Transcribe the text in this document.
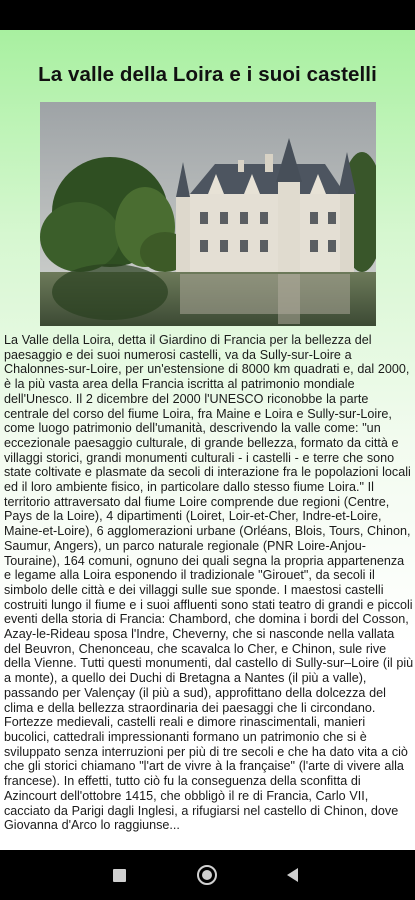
La valle della Loira e i suoi castelli

La Valle della Loira, detta il Giardino di Francia per la bellezza del paesaggio e dei suoi numerosi castelli, va da Sully-sur-Loire a Chalonnes-sur-Loire, per un'estensione di 8000 km quadrati e, dal 2000, è la più vasta area della Francia iscritta al patrimonio mondiale dell'Unesco. Il 2 dicembre del 2000 l'UNESCO riconobbe la parte centrale del corso del fiume Loira, fra Maine e Loira e Sully-sur-Loire, come luogo patrimonio dell'umanità, descrivendo la valle come: "un eccezionale paesaggio culturale, di grande bellezza, formato da città e villaggi storici, grandi monumenti culturali - i castelli - e terre che sono state coltivate e plasmate da secoli di interazione fra le popolazioni locali ed il loro ambiente fisico, in particolare dallo stesso fiume Loira." Il territorio attraversato dal fiume Loire comprende due regioni (Centre, Pays de la Loire), 4 dipartimenti (Loiret, Loir-et-Cher, Indre-et-Loire, Maine-et-Loire), 6 agglomerazioni urbane (Orléans, Blois, Tours, Chinon, Saumur, Angers), un parco naturale regionale (PNR Loire-Anjou-Touraine), 164 comuni, ognuno dei quali segna la propria appartenenza e legame alla Loira esponendo il tradizionale "Girouet", da secoli il simbolo delle città e dei villaggi sulle sue sponde. I maestosi castelli costruiti lungo il fiume e i suoi affluenti sono stati teatro di grandi e piccoli eventi della storia di Francia: Chambord, che domina i bordi del Cosson, Azay-le-Rideau sposa l'Indre, Cheverny, che si nasconde nella vallata del Beuvron, Chenonceau, che scavalca lo Cher, e Chinon, sule rive della Vienne. Tutti questi monumenti, dal castello di Sully-sur–Loire (il più a monte), a quello dei Duchi di Bretagna a Nantes (il più a valle), passando per Valençay (il più a sud), approfittano della dolcezza del clima e della bellezza straordinaria dei paesaggi che li circondano. Fortezze medievali, castelli reali e dimore rinascimentali, manieri bucolici, cattedrali impressionanti formano un patrimonio che si è sviluppato senza interruzioni per più di tre secoli e che ha dato vita a ciò che gli storici chiamano "l'art de vivre à la française" (l'arte di vivere alla francese). In effetti, tutto ciò fu la conseguenza della sconfitta di Azincourt dell'ottobre 1415, che obbligò il re di Francia, Carlo VII, cacciato da Parigi dagli Inglesi, a rifugiarsi nel castello di Chinon, dove Giovanna d'Arco lo raggiunse...
